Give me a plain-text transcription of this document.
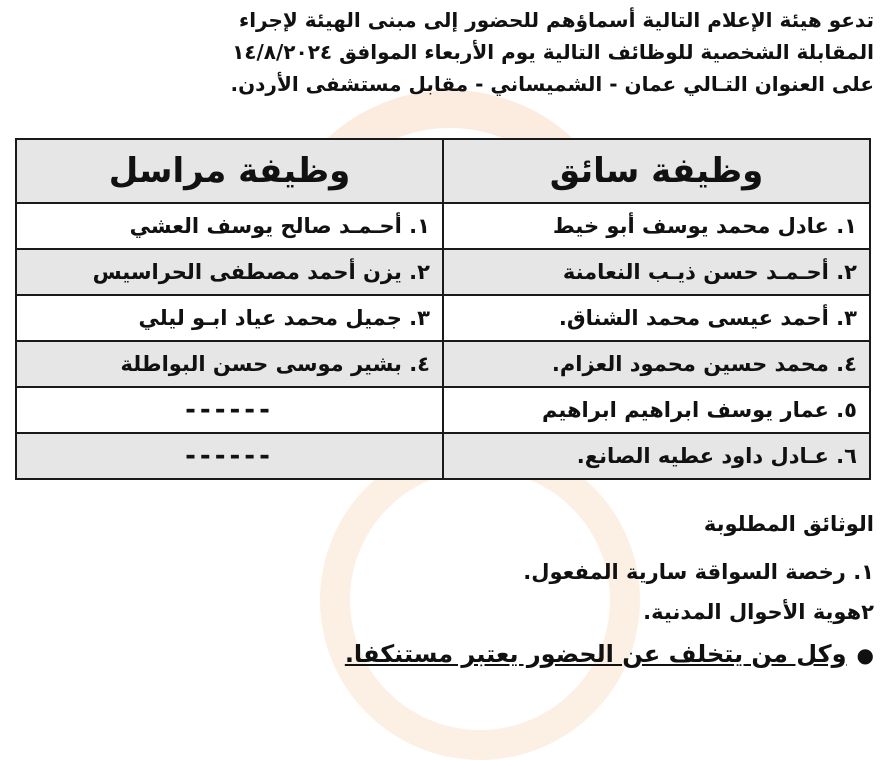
تدعو هيئة الإعلام التالية أسماؤهم للحضور إلى مبنى الهيئة لإجراء
المقابلة الشخصية للوظائف التالية يوم الأربعاء الموافق ١٤/٨/٢٠٢٤
على العنوان التـالي عمان - الشميساني - مقابل مستشفى الأردن.

وظيفة سائق	وظيفة مراسل
١. عادل محمد يوسف أبو خيط	١. أحـمـد صالح يوسف العشي
٢. أحـمـد حسن ذيـب النعامنة	٢. يزن أحمد مصطفى الحراسيس
٣. أحمد عيسى محمد الشناق.	٣. جميل محمد عياد ابـو ليلي
٤. محمد حسين محمود العزام.	٤. بشير موسى حسن البواطلة
٥. عمار يوسف ابراهيم ابراهيم	------
٦. عـادل داود عطيه الصانع.	------

الوثائق المطلوبة

١. رخصة السواقة سارية المفعول.
٢هوية الأحوال المدنية.

●وكل من يتخلف عن الحضور يعتبر مستنكفا.
